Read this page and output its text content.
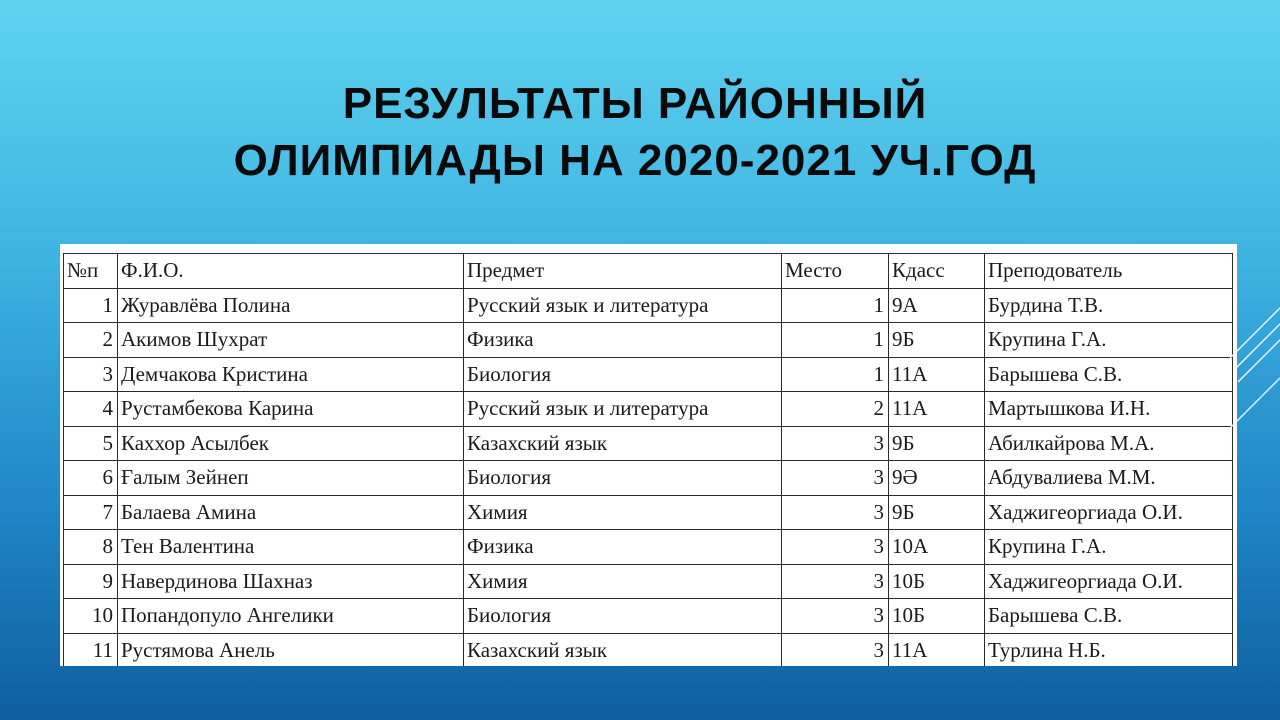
РЕЗУЛЬТАТЫ РАЙОННЫЙ
ОЛИМПИАДЫ НА 2020-2021 УЧ.ГОД
№п	Ф.И.О.	Предмет	Место	Кдасс	Преподователь
1	Журавлёва Полина	Русский язык и литература	1	9А	Бурдина Т.В.
2	Акимов Шухрат	Физика	1	9Б	Крупина Г.А.
3	Демчакова Кристина	Биология	1	11А	Барышева С.В.
4	Рустамбекова Карина	Русский язык и литература	2	11А	Мартышкова И.Н.
5	Каххор Асылбек	Казахский язык	3	9Б	Абилкайрова М.А.
6	Ғалым Зейнеп	Биология	3	9Ә	Абдувалиева М.М.
7	Балаева Амина	Химия	3	9Б	Хаджигеоргиада О.И.
8	Тен Валентина	Физика	3	10А	Крупина Г.А.
9	Навердинова Шахназ	Химия	3	10Б	Хаджигеоргиада О.И.
10	Попандопуло Ангелики	Биология	3	10Б	Барышева С.В.
11	Рустямова Анель	Казахский язык	3	11А	Турлина Н.Б.
